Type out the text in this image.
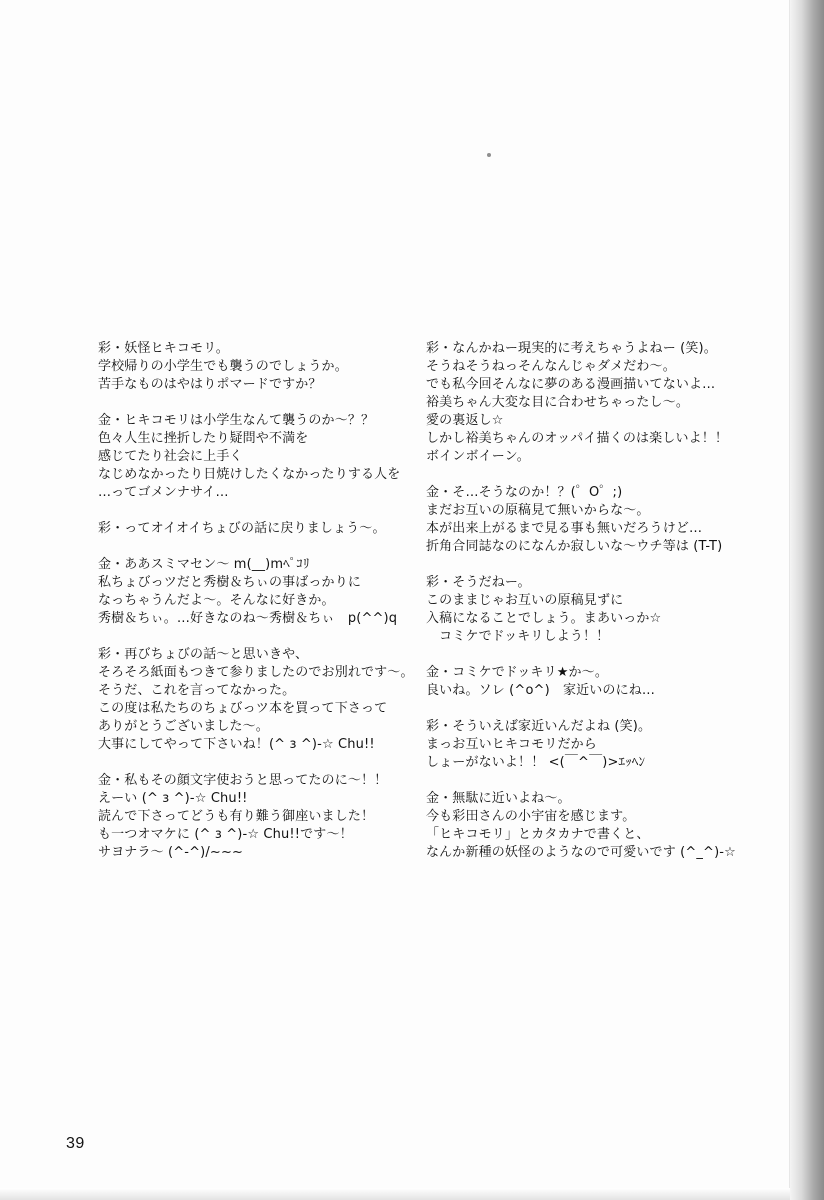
彩・妖怪ヒキコモリ。
学校帰りの小学生でも襲うのでしょうか。
苦手なものはやはりポマードですか？
金・ヒキコモリは小学生なんて襲うのか～？？
色々人生に挫折したり疑問や不満を
感じてたり社会に上手く
なじめなかったり日焼けしたくなかったりする人を
…ってゴメンナサイ…
彩・ってオイオイちょびの話に戻りましょう～。
金・ああスミマセン～ m(__)mﾍﾟｺﾘ
私ちょびっツだと秀樹＆ちぃの事ばっかりに
なっちゃうんだよ～。そんなに好きか。
秀樹＆ちぃ。…好きなのね～秀樹＆ちぃ　p(^^)q
彩・再びちょびの話～と思いきや、
そろそろ紙面もつきて参りましたのでお別れです～。
そうだ、これを言ってなかった。
この度は私たちのちょびっツ本を買って下さって
ありがとうございました～。
大事にしてやって下さいね！(^ з ^)-☆ Chu!!
金・私もその顔文字使おうと思ってたのに～！！
えーい (^ з ^)-☆ Chu!!
読んで下さってどうも有り難う御座いました！
も一つオマケに (^ з ^)-☆ Chu!!です～！
サヨナラ～ (^-^)/~~~
彩・なんかねー現実的に考えちゃうよねー (笑)。
そうねそうねっそんなんじゃダメだわ～。
でも私今回そんなに夢のある漫画描いてないよ…
裕美ちゃん大変な目に合わせちゃったし～。
愛の裏返し☆
しかし裕美ちゃんのオッパイ描くのは楽しいよ！！
ボインボイーン。
金・そ…そうなのか！？(゜O゜;)
まだお互いの原稿見て無いからな～。
本が出来上がるまで見る事も無いだろうけど…
折角合同誌なのになんか寂しいな～ウチ等は (T-T)
彩・そうだねー。
このままじゃお互いの原稿見ずに
入稿になることでしょう。まあいっか☆
　コミケでドッキリしよう！！
金・コミケでドッキリ★か～。
良いね。ソレ (^o^)　家近いのにね…
彩・そういえば家近いんだよね (笑)。
まっお互いヒキコモリだから
しょーがないよ！！ <(￣^￣)>ｴｯﾍﾝ
金・無駄に近いよね～。
今も彩田さんの小宇宙を感じます。
「ヒキコモリ」とカタカナで書くと、
なんか新種の妖怪のようなので可愛いです (^_^)-☆
39
